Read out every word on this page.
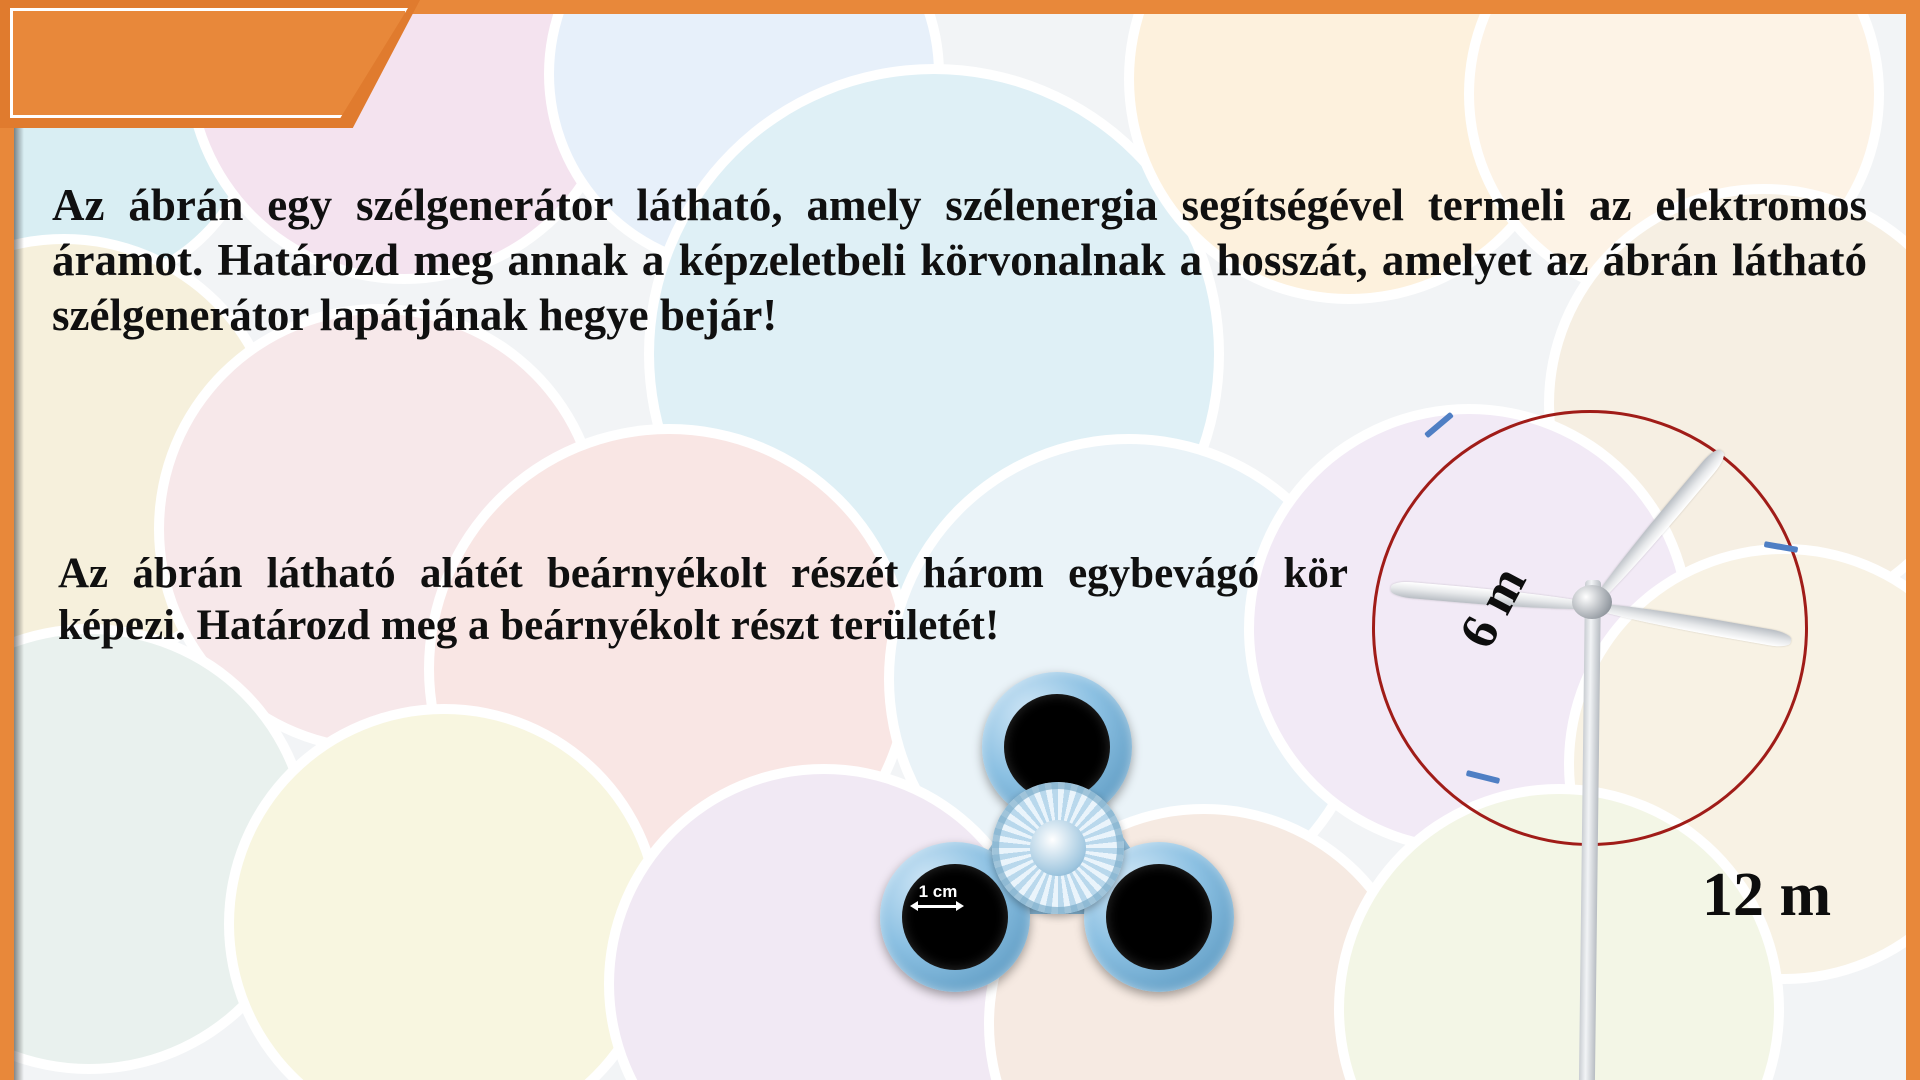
Az ábrán egy szélgenerátor látható, amely szélenergia segítségével termeli az elektromos áramot. Határozd meg annak a képzeletbeli körvonalnak a hosszát, amelyet az ábrán látható szélgenerátor lapátjának hegye bejár!
Az ábrán látható alátét beárnyékolt részét három egybevágó kör képezi. Határozd meg a beárnyékolt részt területét!	6 m
12 m
1 cm
